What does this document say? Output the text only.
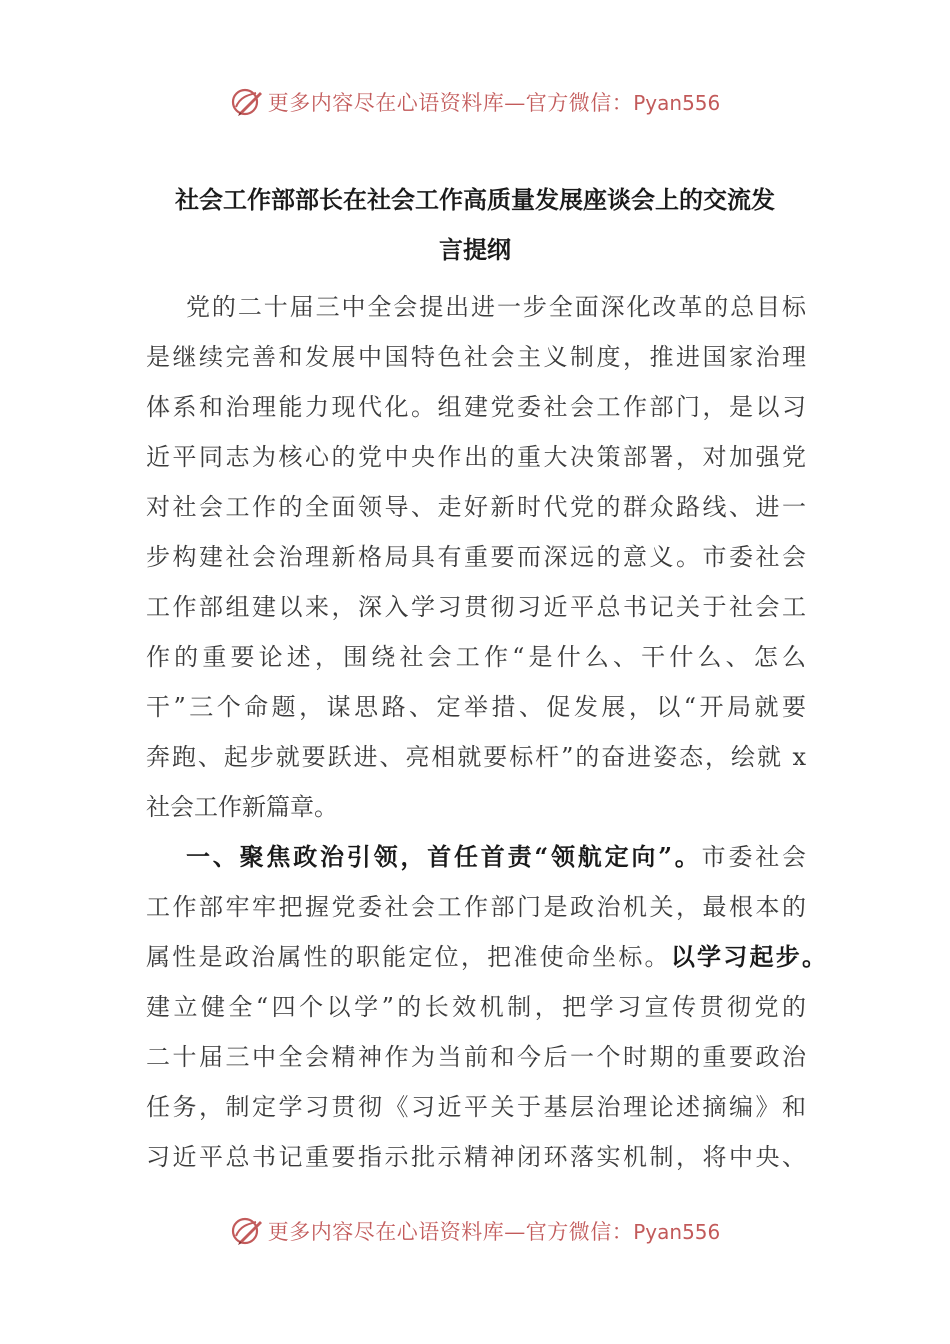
更多内容尽在心语资料库—官方微信：Pyan556
社会工作部部长在社会工作高质量发展座谈会上的交流发
言提纲
党的二十届三中全会提出进一步全面深化改革的总目标
是继续完善和发展中国特色社会主义制度，推进国家治理
体系和治理能力现代化。组建党委社会工作部门，是以习
近平同志为核心的党中央作出的重大决策部署，对加强党
对社会工作的全面领导、走好新时代党的群众路线、进一
步构建社会治理新格局具有重要而深远的意义。市委社会
工作部组建以来，深入学习贯彻习近平总书记关于社会工
作的重要论述，围绕社会工作“是什么、干什么、怎么
干”三个命题，谋思路、定举措、促发展，以“开局就要
奔跑、起步就要跃进、亮相就要标杆”的奋进姿态，绘就 x
社会工作新篇章。
一、聚焦政治引领，首任首责“领航定向”。市委社会
工作部牢牢把握党委社会工作部门是政治机关，最根本的
属性是政治属性的职能定位，把准使命坐标。以学习起步。
建立健全“四个以学”的长效机制，把学习宣传贯彻党的
二十届三中全会精神作为当前和今后一个时期的重要政治
任务，制定学习贯彻《习近平关于基层治理论述摘编》和
习近平总书记重要指示批示精神闭环落实机制，将中央、
更多内容尽在心语资料库—官方微信：Pyan556
